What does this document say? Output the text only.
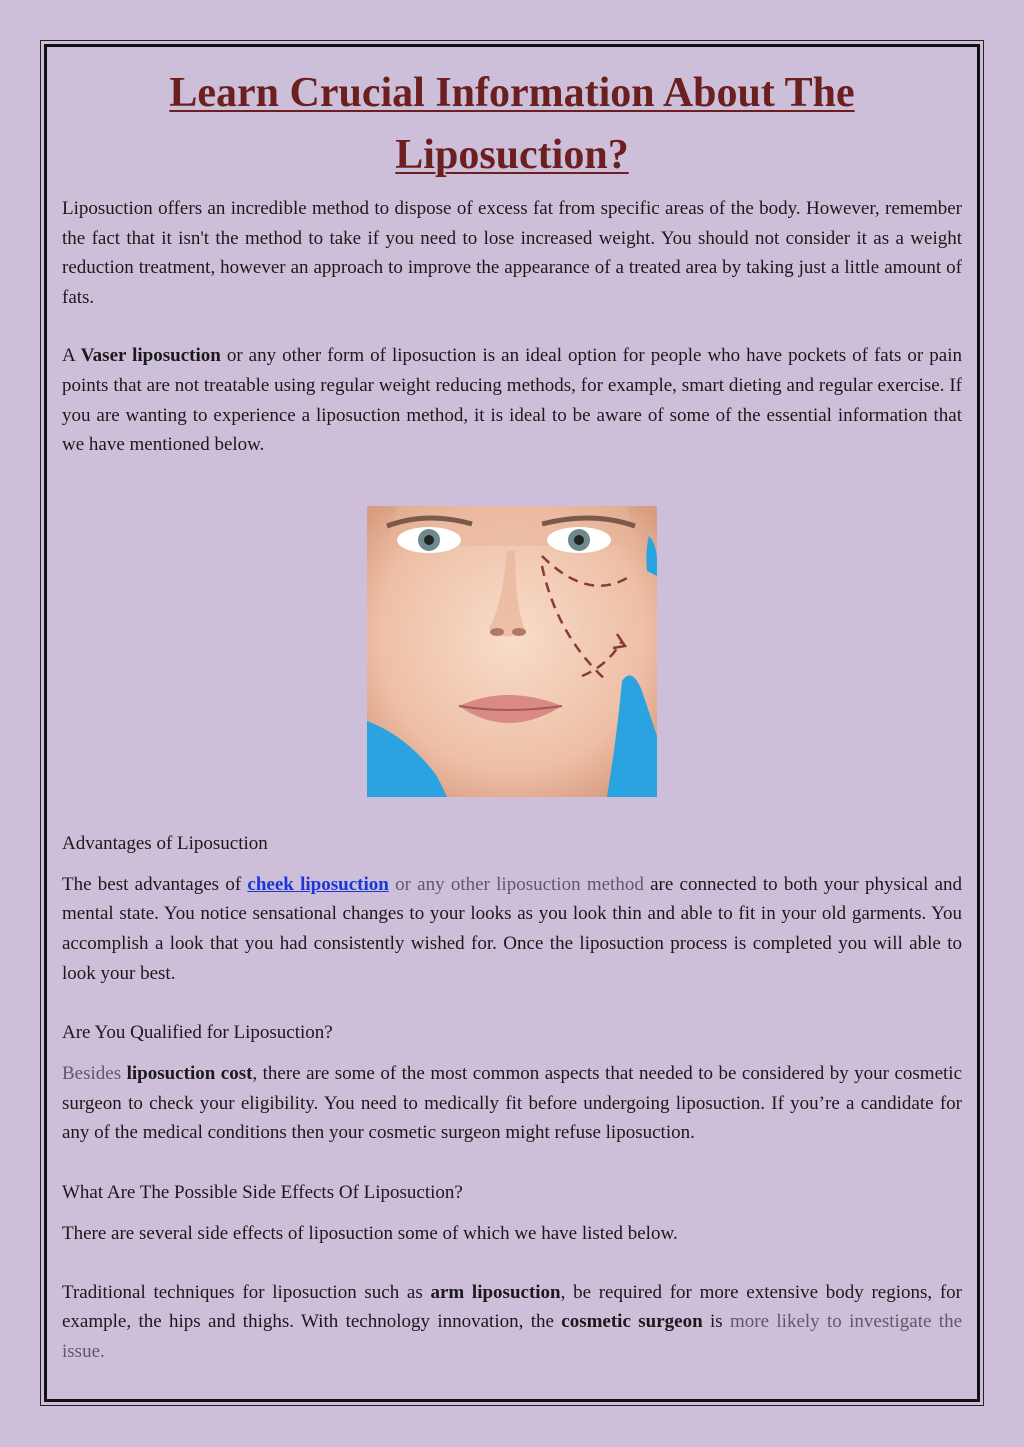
Learn Crucial Information About The Liposuction?

Liposuction offers an incredible method to dispose of excess fat from specific areas of the body. However, remember the fact that it isn't the method to take if you need to lose increased weight. You should not consider it as a weight reduction treatment, however an approach to improve the appearance of a treated area by taking just a little amount of fats.

A Vaser liposuction or any other form of liposuction is an ideal option for people who have pockets of fats or pain points that are not treatable using regular weight reducing methods, for example, smart dieting and regular exercise. If you are wanting to experience a liposuction method, it is ideal to be aware of some of the essential information that we have mentioned below.

Advantages of Liposuction

The best advantages of cheek liposuction or any other liposuction method are connected to both your physical and mental state. You notice sensational changes to your looks as you look thin and able to fit in your old garments. You accomplish a look that you had consistently wished for. Once the liposuction process is completed you will able to look your best.

Are You Qualified for Liposuction?

Besides liposuction cost, there are some of the most common aspects that needed to be considered by your cosmetic surgeon to check your eligibility. You need to medically fit before undergoing liposuction. If you’re a candidate for any of the medical conditions then your cosmetic surgeon might refuse liposuction.

What Are The Possible Side Effects Of Liposuction?

There are several side effects of liposuction some of which we have listed below.

Traditional techniques for liposuction such as arm liposuction, be required for more extensive body regions, for example, the hips and thighs. With technology innovation, the cosmetic surgeon is more likely to investigate the issue.
